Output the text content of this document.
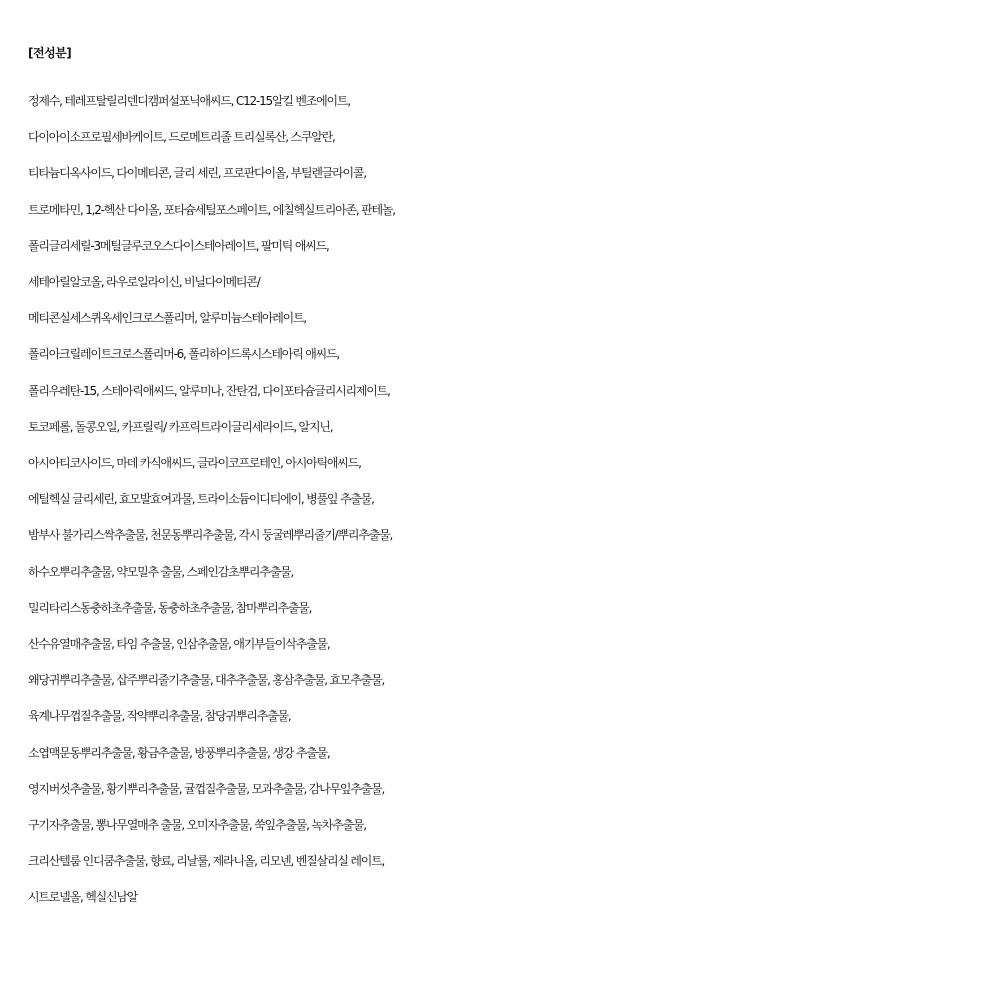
[전성분]
정제수, 테레프탈릴리덴디캠퍼설포닉애씨드, C12-15알킬 벤조에이트,
다이아이소프로필세바케이트, 드로메트리졸 트리실록산, 스쿠알란,
티타늄디옥사이드, 다이메티콘, 글리 세린, 프로판다이올, 부틸렌글라이콜,
트로메타민, 1,2-헥산 다이올, 포타슘세틸포스페이트, 에칠헥실트리아존, 판테놀,
폴리글리세릴-3메틸글루코오스다이스테아레이트, 팔미틱 애씨드,
세테아릴알코올, 라우로일라이신, 비닐다이메티콘/
메티콘실세스퀴옥세인크로스폴리머, 알루미늄스테아레이트,
폴리아크릴레이트크로스폴리머-6, 폴리하이드록시스테아릭 애씨드,
폴리우레탄-15, 스테아릭애씨드, 알루미나, 잔탄검, 다이포타슘글리시리제이트,
토코페롤, 돌콩오일, 카프릴릭/ 카프릭트라이글리세라이드, 알지닌,
아시아티코사이드, 마데 카식애씨드, 글라이코프로테인, 아시아틱애씨드,
에틸헥실 글리세린, 효모발효여과물, 트라이소듐이디티에이, 병풀잎 추출물,
밤부사 불가리스싹추출물, 천문동뿌리추출물, 각시 둥굴레뿌리줄기/뿌리추출물,
하수오뿌리추출물, 약모밀추 출물, 스페인감초뿌리추출물,
밀리타리스동충하초추출물, 동충하초추출물, 참마뿌리추출물,
산수유열매추출물, 타임 추출물, 인삼추출물, 애기부들이삭추출물,
왜당귀뿌리추출물, 삽주뿌리줄기추출물, 대추추출물, 홍삼추출물, 효모추출물,
육계나무껍질추출물, 작약뿌리추출물, 참당귀뿌리추출물,
소엽맥문동뿌리추출물, 황금추출물, 방풍뿌리추출물, 생강 추출물,
영지버섯추출물, 황기뿌리추출물, 귤껍질추출물, 모과추출물, 감나무잎추출물,
구기자추출물, 뽕나무열매추 출물, 오미자추출물, 쑥잎추출물, 녹차추출물,
크리산텔룸 인디쿰추출물, 향료, 리날룰, 제라니올, 리모넨, 벤질살리실 레이트,
시트로넬올, 헥실신남알
